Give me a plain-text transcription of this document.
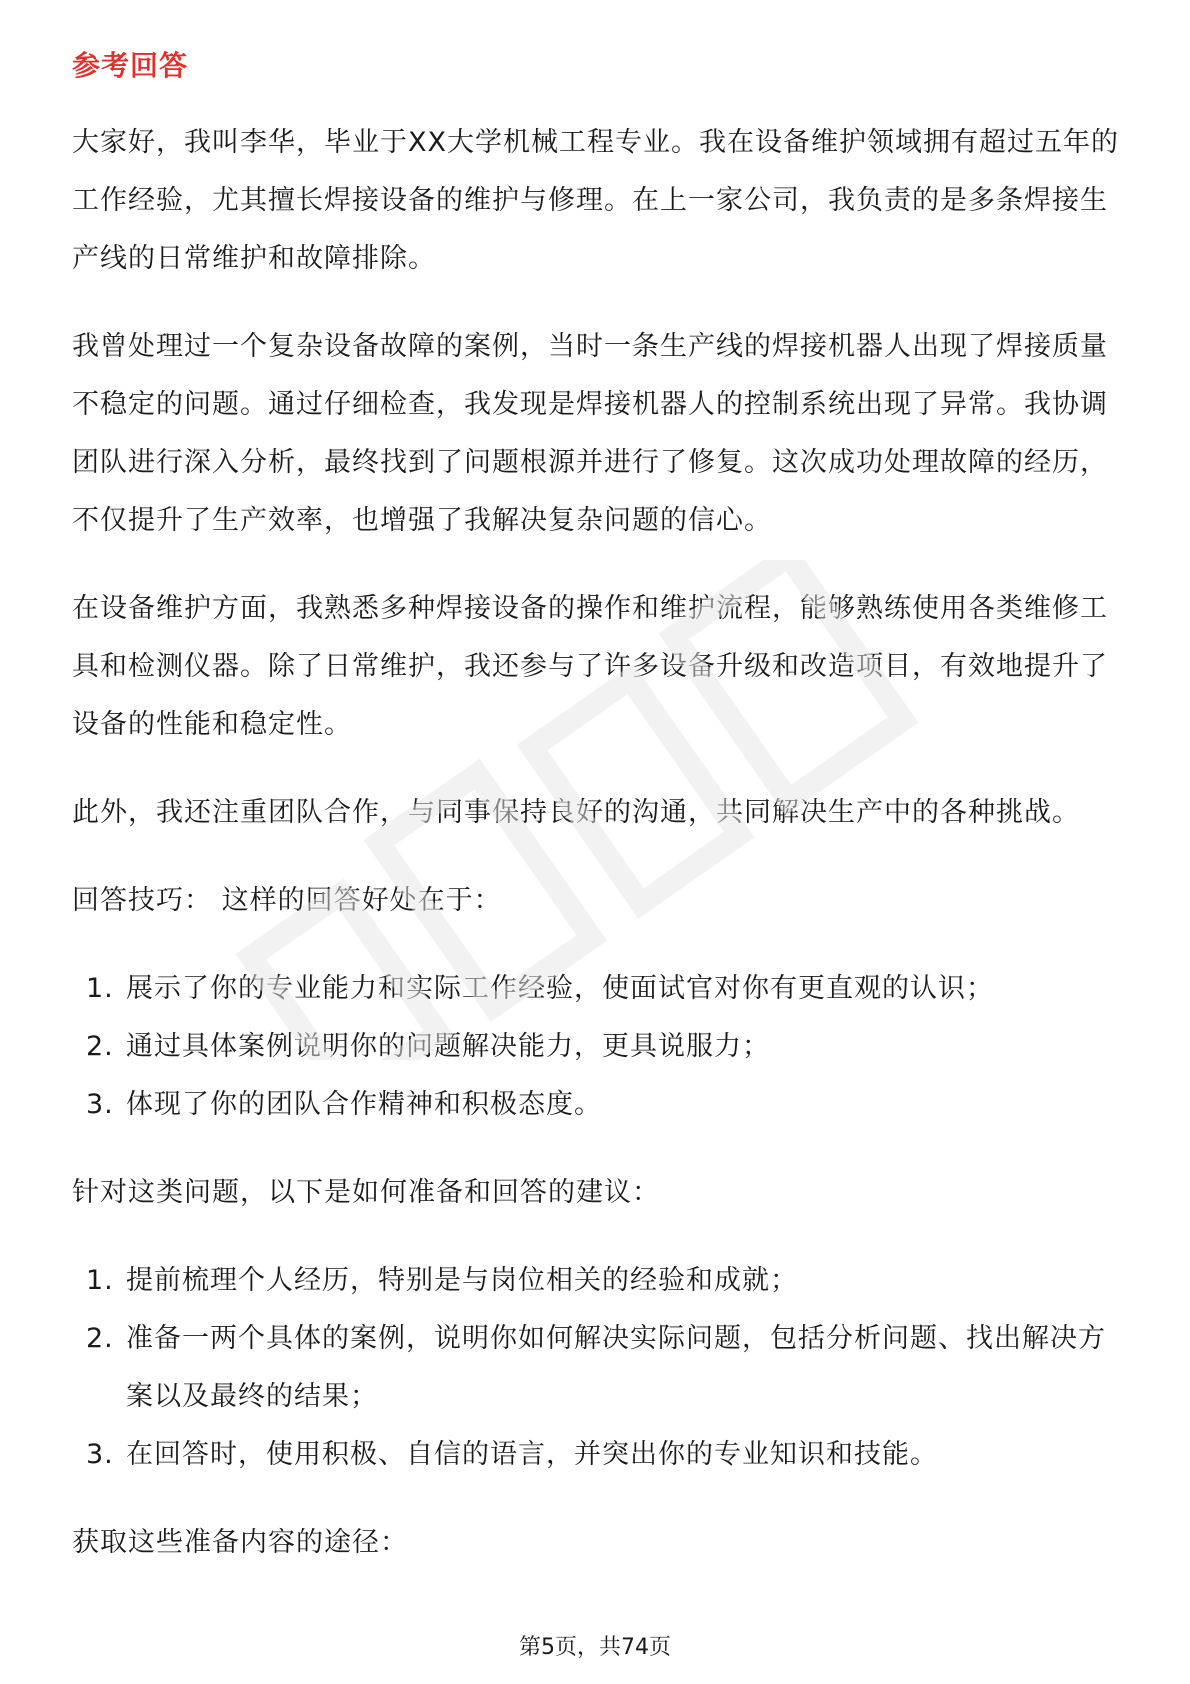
参考回答

大家好，我叫李华，毕业于XX大学机械工程专业。我在设备维护领域拥有超过五年的工作经验，尤其擅长焊接设备的维护与修理。在上一家公司，我负责的是多条焊接生产线的日常维护和故障排除。

我曾处理过一个复杂设备故障的案例，当时一条生产线的焊接机器人出现了焊接质量不稳定的问题。通过仔细检查，我发现是焊接机器人的控制系统出现了异常。我协调团队进行深入分析，最终找到了问题根源并进行了修复。这次成功处理故障的经历，不仅提升了生产效率，也增强了我解决复杂问题的信心。

在设备维护方面，我熟悉多种焊接设备的操作和维护流程，能够熟练使用各类维修工具和检测仪器。除了日常维护，我还参与了许多设备升级和改造项目，有效地提升了设备的性能和稳定性。

此外，我还注重团队合作，与同事保持良好的沟通，共同解决生产中的各种挑战。

回答技巧： 这样的回答好处在于：

1. 展示了你的专业能力和实际工作经验，使面试官对你有更直观的认识；
2. 通过具体案例说明你的问题解决能力，更具说服力；
3. 体现了你的团队合作精神和积极态度。

针对这类问题，以下是如何准备和回答的建议：

1. 提前梳理个人经历，特别是与岗位相关的经验和成就；
2. 准备一两个具体的案例，说明你如何解决实际问题，包括分析问题、找出解决方案以及最终的结果；
3. 在回答时，使用积极、自信的语言，并突出你的专业知识和技能。

获取这些准备内容的途径：

第5页，共74页
